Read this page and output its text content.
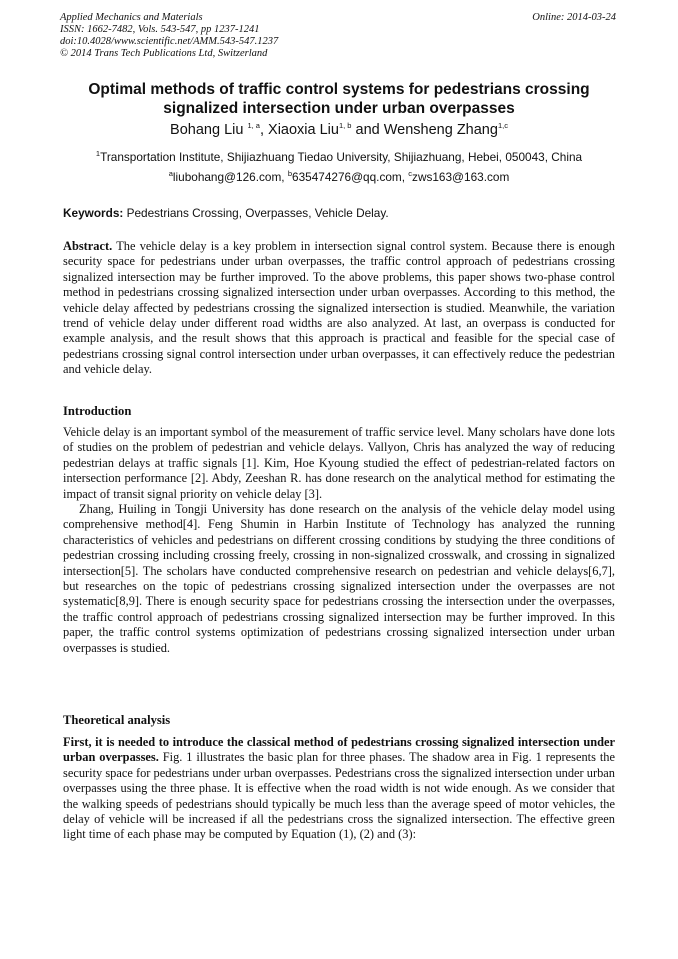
Applied Mechanics and Materials
ISSN: 1662-7482, Vols. 543-547, pp 1237-1241
doi:10.4028/www.scientific.net/AMM.543-547.1237
© 2014 Trans Tech Publications Ltd, Switzerland
Online: 2014-03-24
Optimal methods of traffic control systems for pedestrians crossing signalized intersection under urban overpasses
Bohang Liu $^{1, a}$, Xiaoxia Liu$^{1, b}$ and Wensheng Zhang$^{1,c}$
$^1$Transportation Institute, Shijiazhuang Tiedao University, Shijiazhuang, Hebei, 050043, China
$^a$liubohang@126.com, $^b$635474276@qq.com, $^c$zws163@163.com
Keywords: Pedestrians Crossing, Overpasses, Vehicle Delay.

Abstract. The vehicle delay is a key problem in intersection signal control system. Because there is enough security space for pedestrians under urban overpasses, the traffic control approach of pedestrians crossing signalized intersection may be further improved. To the above problems, this paper shows two-phase control method in pedestrians crossing signalized intersection under urban overpasses. According to this method, the vehicle delay affected by pedestrians crossing the signalized intersection is studied. Meanwhile, the variation trend of vehicle delay under different road widths are also analyzed. At last, an overpass is conducted for example analysis, and the result shows that this approach is practical and feasible for the special case of pedestrians crossing signal control intersection under urban overpasses, it can effectively reduce the pedestrian and vehicle delay.

Introduction

Vehicle delay is an important symbol of the measurement of traffic service level. Many scholars have done lots of studies on the problem of pedestrian and vehicle delays. Vallyon, Chris has analyzed the way of reducing pedestrian delays at traffic signals [1]. Kim, Hoe Kyoung studied the effect of pedestrian-related factors on intersection performance [2]. Abdy, Zeeshan R. has done research on the analytical method for estimating the impact of transit signal priority on vehicle delay [3].

Zhang, Huiling in Tongji University has done research on the analysis of the vehicle delay model using comprehensive method[4]. Feng Shumin in Harbin Institute of Technology has analyzed the running characteristics of vehicles and pedestrians on different crossing conditions by studying the three conditions of pedestrian crossing including crossing freely, crossing in non-signalized crosswalk, and crossing in signalized intersection[5]. The scholars have conducted comprehensive research on pedestrian and vehicle delays[6,7], but researches on the topic of pedestrians crossing signalized intersection under the overpasses are not systematic[8,9]. There is enough security space for pedestrians crossing the intersection under the overpasses, the traffic control approach of pedestrians crossing signalized intersection may be further improved. In this paper, the traffic control systems optimization of pedestrians crossing signalized intersection under urban overpasses is studied.

Theoretical analysis

First, it is needed to introduce the classical method of pedestrians crossing signalized intersection under urban overpasses. Fig. 1 illustrates the basic plan for three phases. The shadow area in Fig. 1 represents the security space for pedestrians under urban overpasses. Pedestrians cross the signalized intersection under urban overpasses using the three phase. It is effective when the road width is not wide enough. As we consider that the walking speeds of pedestrians should typically be much less than the average speed of motor vehicles, the delay of vehicle will be increased if all the pedestrians cross the signalized intersection. The effective green light time of each phase may be computed by Equation (1), (2) and (3):
